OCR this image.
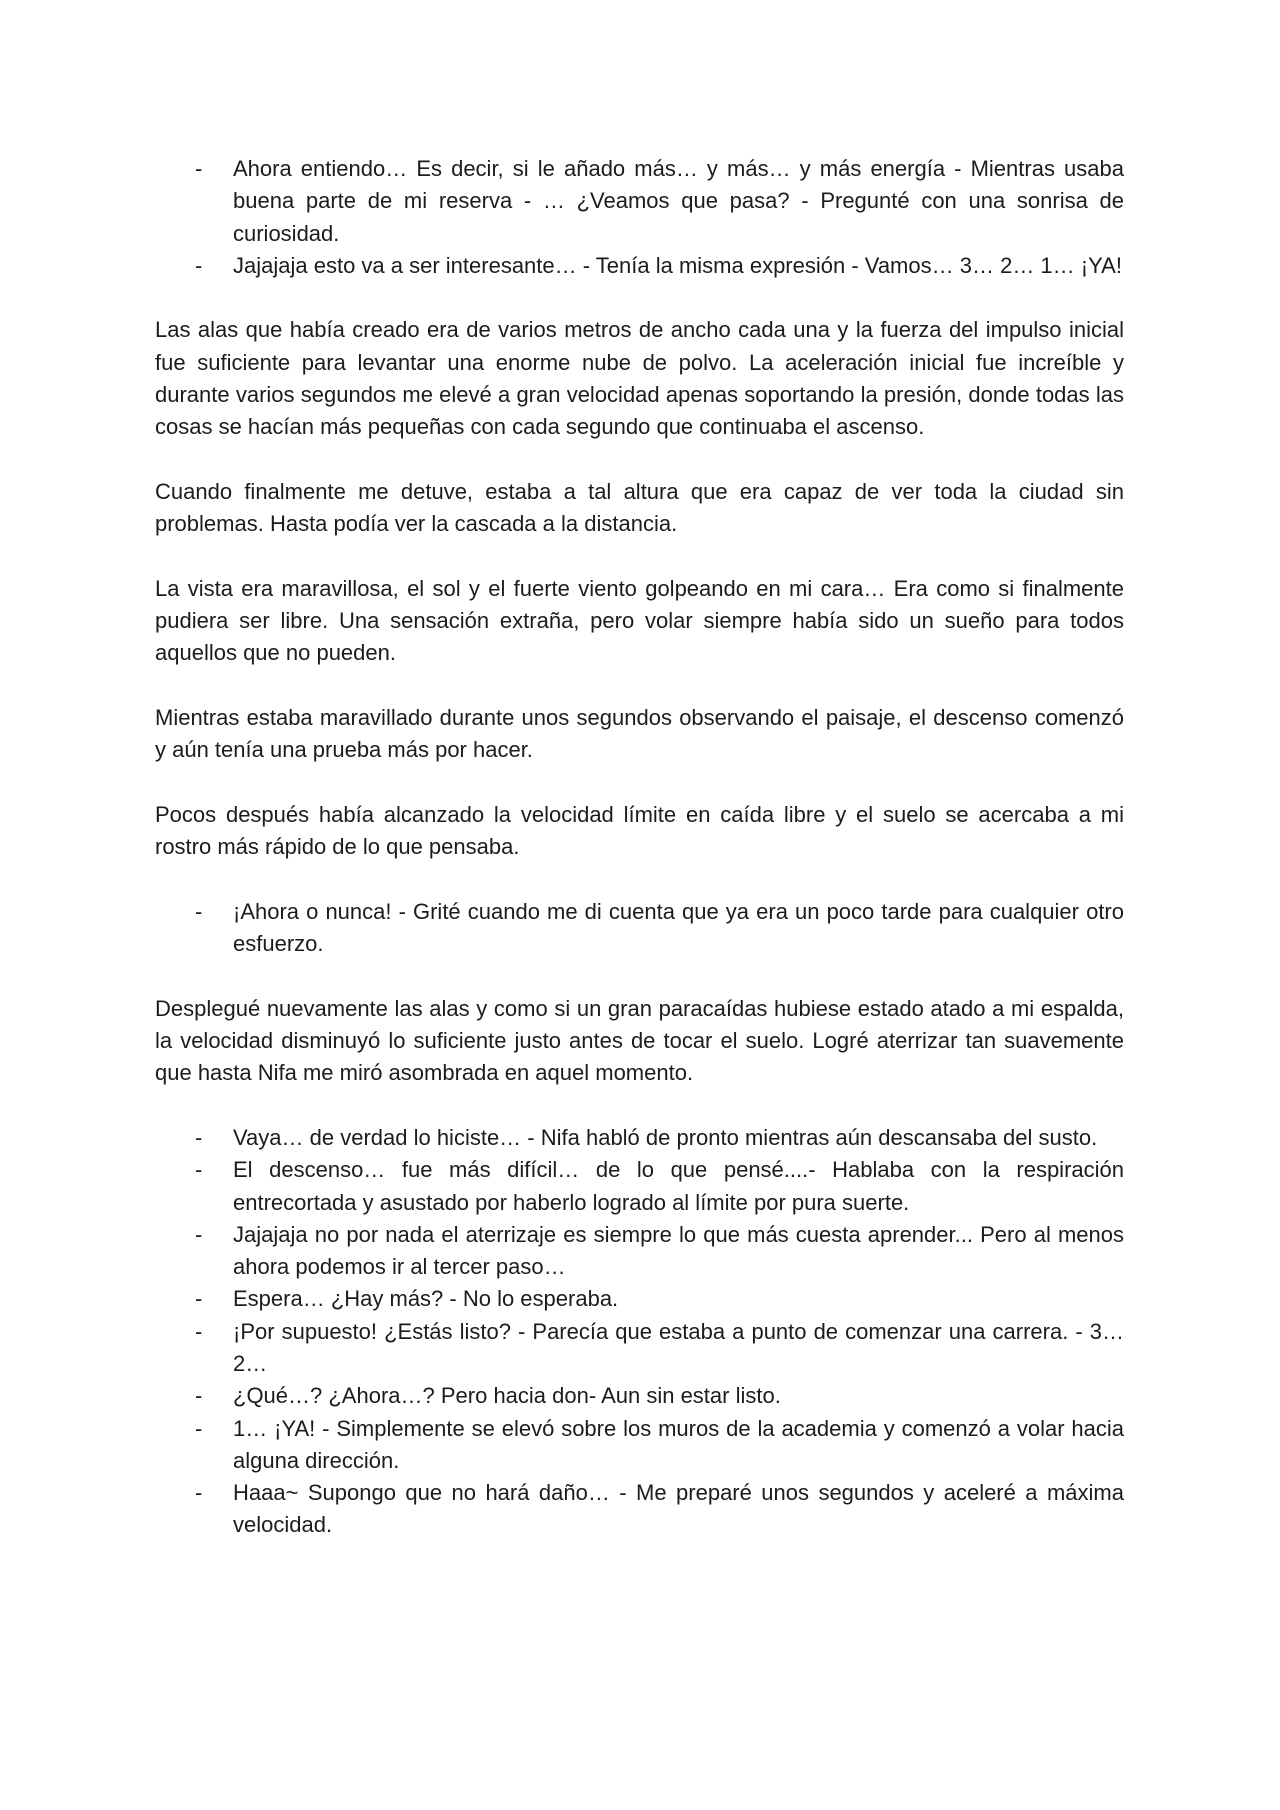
- Ahora entiendo… Es decir, si le añado más… y más… y más energía - Mientras usaba buena parte de mi reserva - … ¿Veamos que pasa? - Pregunté con una sonrisa de curiosidad.
- Jajajaja esto va a ser interesante… - Tenía la misma expresión - Vamos… 3… 2… 1… ¡YA!

Las alas que había creado era de varios metros de ancho cada una y la fuerza del impulso inicial fue suficiente para levantar una enorme nube de polvo. La aceleración inicial fue increíble y durante varios segundos me elevé a gran velocidad apenas soportando la presión, donde todas las cosas se hacían más pequeñas con cada segundo que continuaba el ascenso.

Cuando finalmente me detuve, estaba a tal altura que era capaz de ver toda la ciudad sin problemas. Hasta podía ver la cascada a la distancia.

La vista era maravillosa, el sol y el fuerte viento golpeando en mi cara… Era como si finalmente pudiera ser libre. Una sensación extraña, pero volar siempre había sido un sueño para todos aquellos que no pueden.

Mientras estaba maravillado durante unos segundos observando el paisaje, el descenso comenzó y aún tenía una prueba más por hacer.

Pocos después había alcanzado la velocidad límite en caída libre y el suelo se acercaba a mi rostro más rápido de lo que pensaba.

- ¡Ahora o nunca! - Grité cuando me di cuenta que ya era un poco tarde para cualquier otro esfuerzo.

Desplegué nuevamente las alas y como si un gran paracaídas hubiese estado atado a mi espalda, la velocidad disminuyó lo suficiente justo antes de tocar el suelo. Logré aterrizar tan suavemente que hasta Nifa me miró asombrada en aquel momento.

- Vaya… de verdad lo hiciste… - Nifa habló de pronto mientras aún descansaba del susto.
- El descenso… fue más difícil… de lo que pensé....- Hablaba con la respiración entrecortada y asustado por haberlo logrado al límite por pura suerte.
- Jajajaja no por nada el aterrizaje es siempre lo que más cuesta aprender... Pero al menos ahora podemos ir al tercer paso…
- Espera… ¿Hay más? - No lo esperaba.
- ¡Por supuesto! ¿Estás listo? - Parecía que estaba a punto de comenzar una carrera. - 3… 2…
- ¿Qué…? ¿Ahora…? Pero hacia don- Aun sin estar listo.
- 1… ¡YA! - Simplemente se elevó sobre los muros de la academia y comenzó a volar hacia alguna dirección.
- Haaa~ Supongo que no hará daño… - Me preparé unos segundos y aceleré a máxima velocidad.
